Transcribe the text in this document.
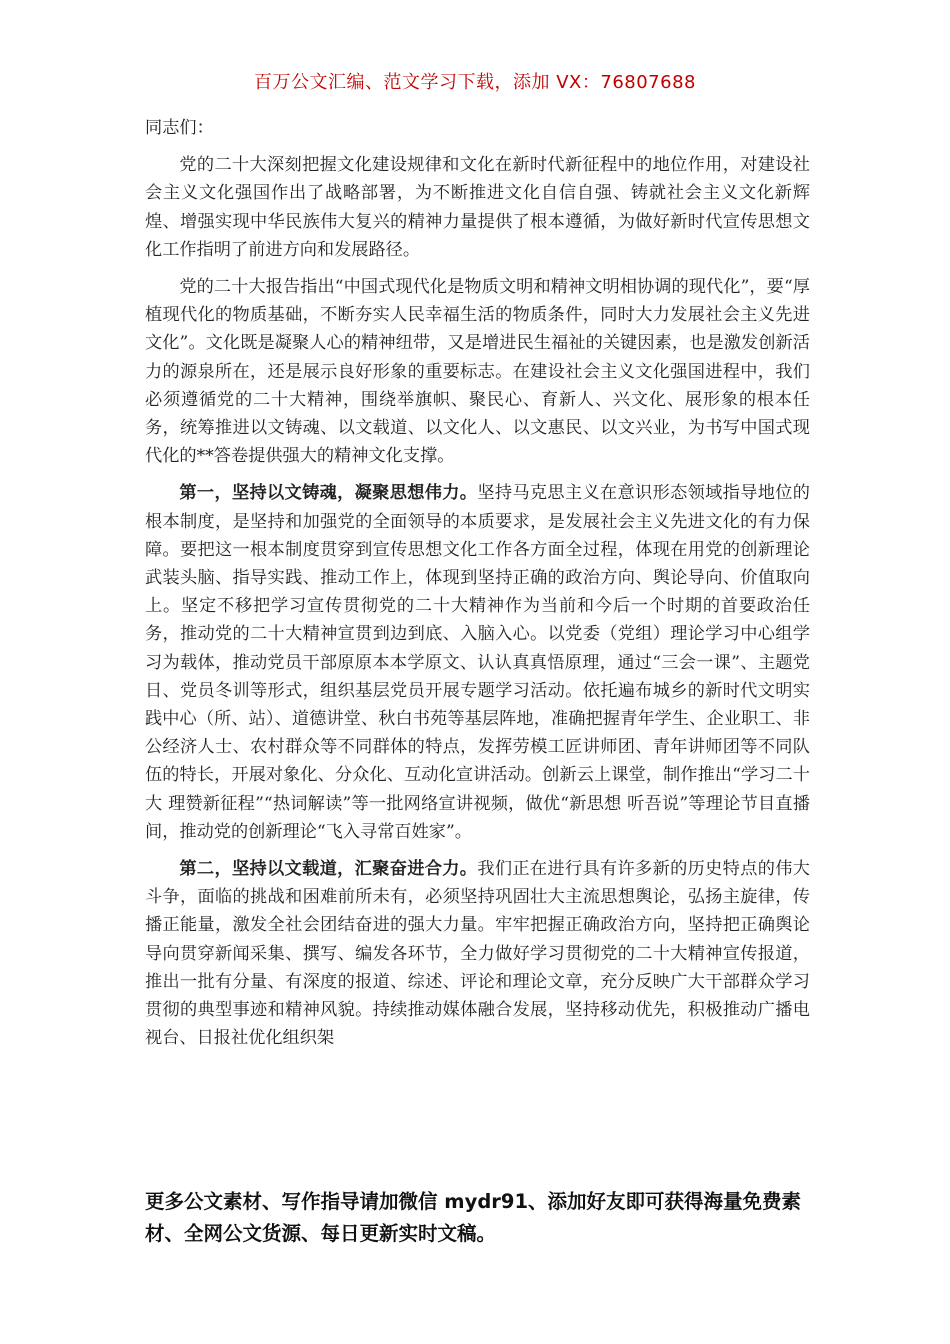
百万公文汇编、范文学习下载，添加 VX：76807688

同志们：

党的二十大深刻把握文化建设规律和文化在新时代新征程中的地位作用，对建设社会主义文化强国作出了战略部署，为不断推进文化自信自强、铸就社会主义文化新辉煌、增强实现中华民族伟大复兴的精神力量提供了根本遵循，为做好新时代宣传思想文化工作指明了前进方向和发展路径。

党的二十大报告指出“中国式现代化是物质文明和精神文明相协调的现代化”，要“厚植现代化的物质基础，不断夯实人民幸福生活的物质条件，同时大力发展社会主义先进文化”。文化既是凝聚人心的精神纽带，又是增进民生福祉的关键因素，也是激发创新活力的源泉所在，还是展示良好形象的重要标志。在建设社会主义文化强国进程中，我们必须遵循党的二十大精神，围绕举旗帜、聚民心、育新人、兴文化、展形象的根本任务，统筹推进以文铸魂、以文载道、以文化人、以文惠民、以文兴业，为书写中国式现代化的**答卷提供强大的精神文化支撑。

第一，坚持以文铸魂，凝聚思想伟力。坚持马克思主义在意识形态领域指导地位的根本制度，是坚持和加强党的全面领导的本质要求，是发展社会主义先进文化的有力保障。要把这一根本制度贯穿到宣传思想文化工作各方面全过程，体现在用党的创新理论武装头脑、指导实践、推动工作上，体现到坚持正确的政治方向、舆论导向、价值取向上。坚定不移把学习宣传贯彻党的二十大精神作为当前和今后一个时期的首要政治任务，推动党的二十大精神宣贯到边到底、入脑入心。以党委（党组）理论学习中心组学习为载体，推动党员干部原原本本学原文、认认真真悟原理，通过“三会一课”、主题党日、党员冬训等形式，组织基层党员开展专题学习活动。依托遍布城乡的新时代文明实践中心（所、站）、道德讲堂、秋白书苑等基层阵地，准确把握青年学生、企业职工、非公经济人士、农村群众等不同群体的特点，发挥劳模工匠讲师团、青年讲师团等不同队伍的特长，开展对象化、分众化、互动化宣讲活动。创新云上课堂，制作推出“学习二十大 理赞新征程”“热词解读”等一批网络宣讲视频，做优“新思想 听吾说”等理论节目直播间，推动党的创新理论“飞入寻常百姓家”。

第二，坚持以文载道，汇聚奋进合力。我们正在进行具有许多新的历史特点的伟大斗争，面临的挑战和困难前所未有，必须坚持巩固壮大主流思想舆论，弘扬主旋律，传播正能量，激发全社会团结奋进的强大力量。牢牢把握正确政治方向，坚持把正确舆论导向贯穿新闻采集、撰写、编发各环节，全力做好学习贯彻党的二十大精神宣传报道，推出一批有分量、有深度的报道、综述、评论和理论文章，充分反映广大干部群众学习贯彻的典型事迹和精神风貌。持续推动媒体融合发展，坚持移动优先，积极推动广播电视台、日报社优化组织架

更多公文素材、写作指导请加微信 mydr91、添加好友即可获得海量免费素材、全网公文货源、每日更新实时文稿。
